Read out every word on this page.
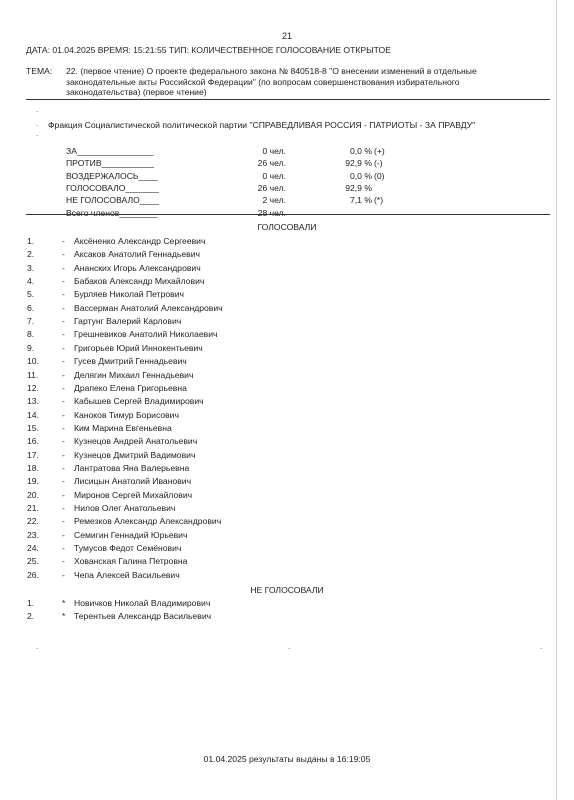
21
ДАТА: 01.04.2025 ВРЕМЯ: 15:21:55 ТИП: КОЛИЧЕСТВЕННОЕ ГОЛОСОВАНИЕ ОТКРЫТОЕ
ТЕМА: 22. (первое чтение) О проекте федерального закона № 840518-8 "О внесении изменений в отдельные законодательные акты Российской Федерации" (по вопросам совершенствования избирательного законодательства) (первое чтение)
.
.
.
Фракция Социалистической политической партии "СПРАВЕДЛИВАЯ РОССИЯ - ПАТРИОТЫ - ЗА ПРАВДУ"
ЗА________________	0 чел.	0,0 % (+)
ПРОТИВ___________	26 чел.	92,9 % (-)
ВОЗДЕРЖАЛОСЬ____	0 чел.	0,0 % (0)
ГОЛОСОВАЛО_______	26 чел.	92,9 %
НЕ ГОЛОСОВАЛО____	2 чел.	7,1 % (*)
Всего членов________	28 чел.
ГОЛОСОВАЛИ
1.	- Аксёненко Александр Сергеевич
2.	- Аксаков Анатолий Геннадьевич
3.	- Ананских Игорь Александрович
4.	- Бабаков Александр Михайлович
5.	- Бурляев Николай Петрович
6.	- Вассерман Анатолий Александрович
7.	- Гартунг Валерий Карлович
8.	- Грешневиков Анатолий Николаевич
9.	- Григорьев Юрий Иннокентьевич
10.	- Гусев Дмитрий Геннадьевич
11.	- Делягин Михаил Геннадьевич
12.	- Драпеко Елена Григорьевна
13.	- Кабышев Сергей Владимирович
14.	- Каноков Тимур Борисович
15.	- Ким Марина Евгеньевна
16.	- Кузнецов Андрей Анатольевич
17.	- Кузнецов Дмитрий Вадимович
18.	- Лантратова Яна Валерьевна
19.	- Лисицын Анатолий Иванович
20.	- Миронов Сергей Михайлович
21.	- Нилов Олег Анатольевич
22.	- Ремезков Александр Александрович
23.	- Семигин Геннадий Юрьевич
24.	- Тумусов Федот Семёнович
25.	- Хованская Галина Петровна
26.	- Чепа Алексей Васильевич
НЕ ГОЛОСОВАЛИ
1.	* Новичков Николай Владимирович
2.	* Терентьев Александр Васильевич
.	.	.
01.04.2025 результаты выданы в 16:19:05
